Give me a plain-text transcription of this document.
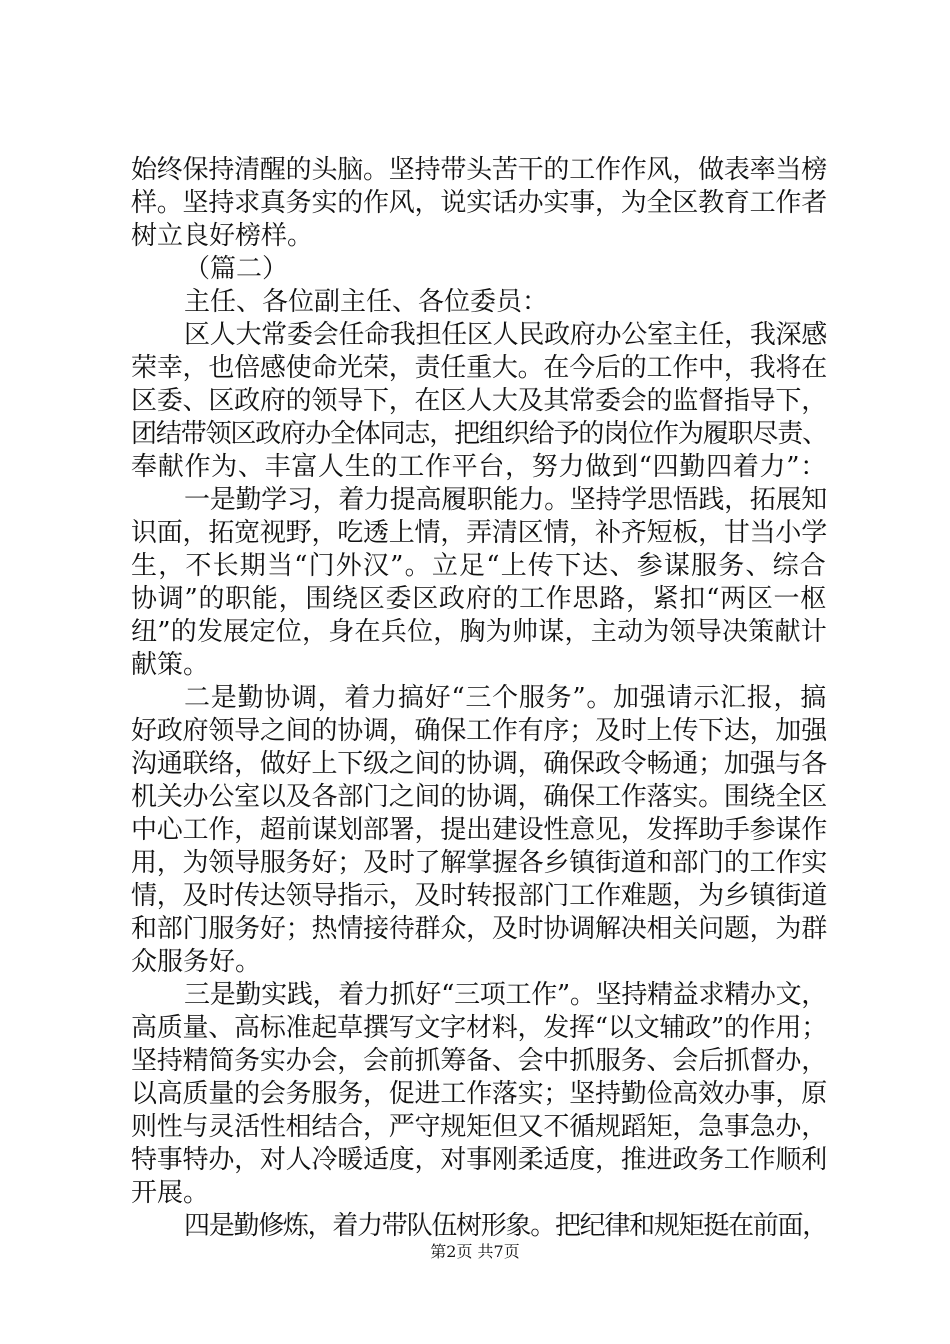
始终保持清醒的头脑。坚持带头苦干的工作作风，做表率当榜
样。坚持求真务实的作风，说实话办实事，为全区教育工作者
树立良好榜样。
（篇二）
主任、各位副主任、各位委员：
区人大常委会任命我担任区人民政府办公室主任，我深感
荣幸，也倍感使命光荣，责任重大。在今后的工作中，我将在
区委、区政府的领导下，在区人大及其常委会的监督指导下，
团结带领区政府办全体同志，把组织给予的岗位作为履职尽责、
奉献作为、丰富人生的工作平台，努力做到“四勤四着力”：
一是勤学习，着力提高履职能力。坚持学思悟践，拓展知
识面，拓宽视野，吃透上情，弄清区情，补齐短板，甘当小学
生，不长期当“门外汉”。立足“上传下达、参谋服务、综合
协调”的职能，围绕区委区政府的工作思路，紧扣“两区一枢
纽”的发展定位，身在兵位，胸为帅谋，主动为领导决策献计
献策。
二是勤协调，着力搞好“三个服务”。加强请示汇报，搞
好政府领导之间的协调，确保工作有序；及时上传下达，加强
沟通联络，做好上下级之间的协调，确保政令畅通；加强与各
机关办公室以及各部门之间的协调，确保工作落实。围绕全区
中心工作，超前谋划部署，提出建设性意见，发挥助手参谋作
用，为领导服务好；及时了解掌握各乡镇街道和部门的工作实
情，及时传达领导指示，及时转报部门工作难题，为乡镇街道
和部门服务好；热情接待群众，及时协调解决相关问题，为群
众服务好。
三是勤实践，着力抓好“三项工作”。坚持精益求精办文，
高质量、高标准起草撰写文字材料，发挥“以文辅政”的作用；
坚持精简务实办会，会前抓筹备、会中抓服务、会后抓督办，
以高质量的会务服务，促进工作落实；坚持勤俭高效办事，原
则性与灵活性相结合，严守规矩但又不循规蹈矩，急事急办，
特事特办，对人冷暖适度，对事刚柔适度，推进政务工作顺利
开展。
四是勤修炼，着力带队伍树形象。把纪律和规矩挺在前面，
第2页 共7页
